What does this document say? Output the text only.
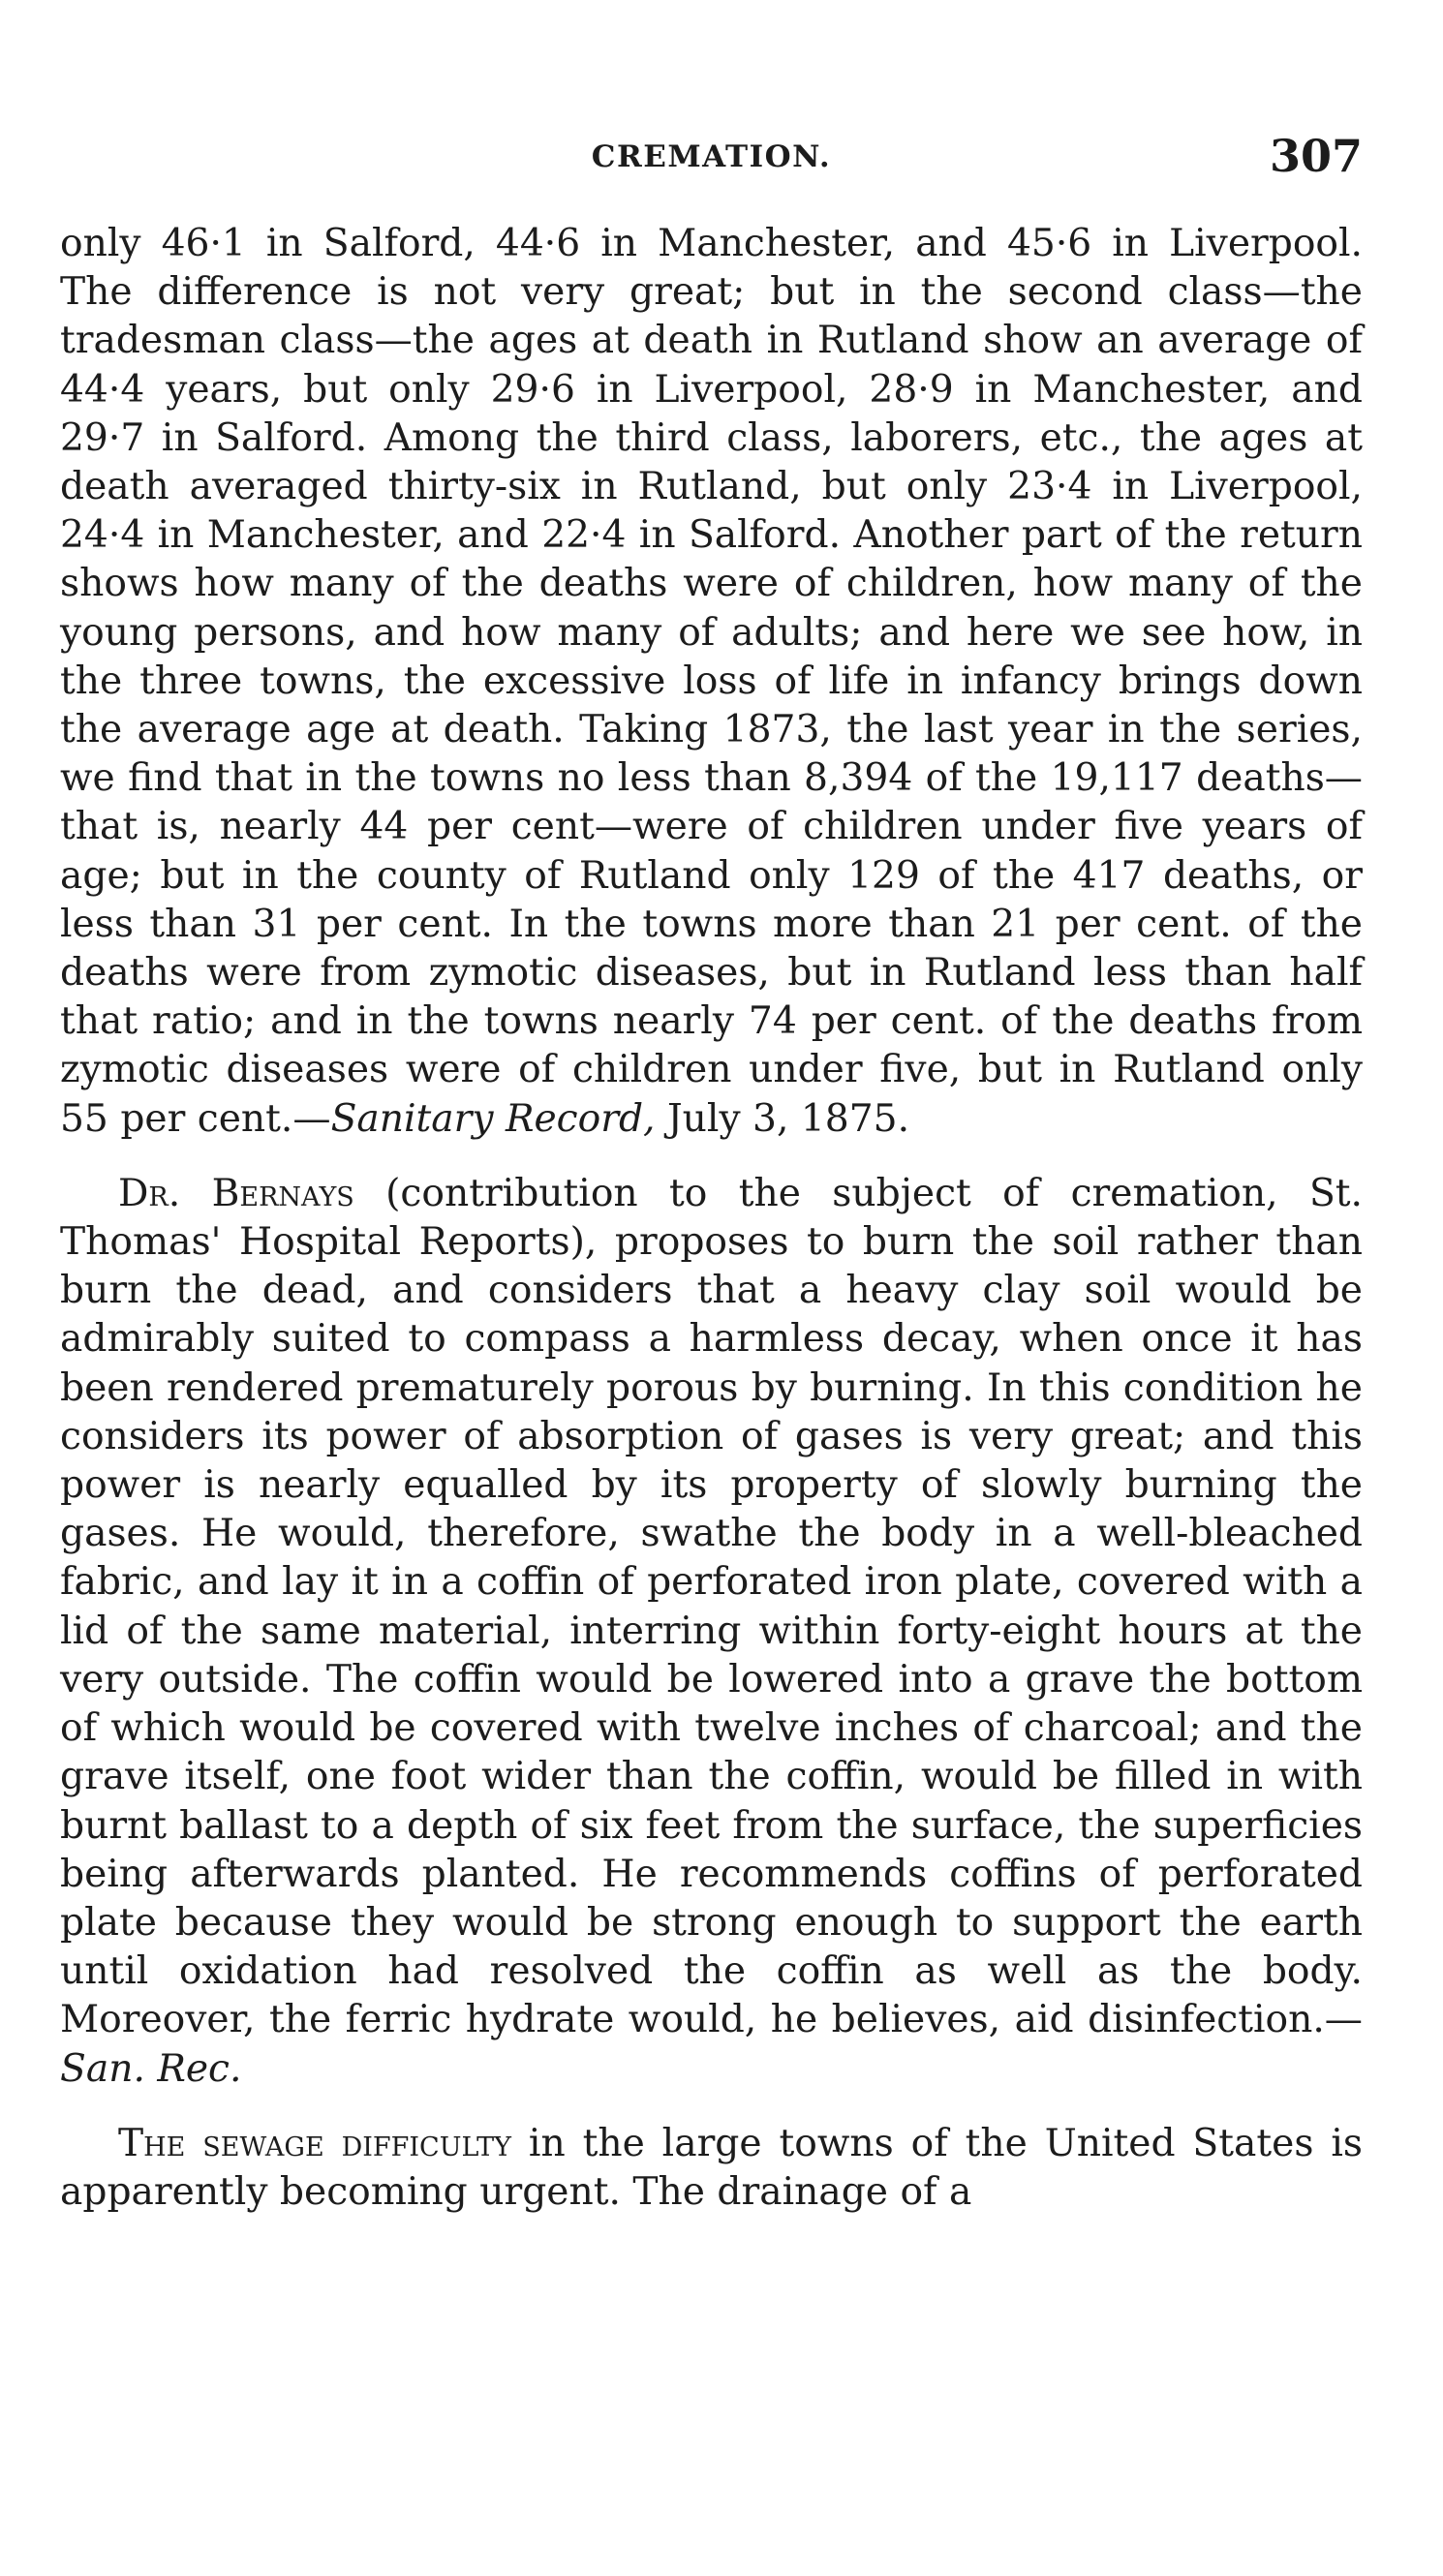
CREMATION.	307

only 46·1 in Salford, 44·6 in Manchester, and 45·6 in Liverpool. The difference is not very great; but in the second class—the tradesman class—the ages at death in Rutland show an average of 44·4 years, but only 29·6 in Liverpool, 28·9 in Manchester, and 29·7 in Salford. Among the third class, laborers, etc., the ages at death averaged thirty-six in Rutland, but only 23·4 in Liverpool, 24·4 in Manchester, and 22·4 in Salford. Another part of the return shows how many of the deaths were of children, how many of the young persons, and how many of adults; and here we see how, in the three towns, the excessive loss of life in infancy brings down the average age at death. Taking 1873, the last year in the series, we find that in the towns no less than 8,394 of the 19,117 deaths—that is, nearly 44 per cent—were of children under five years of age; but in the county of Rutland only 129 of the 417 deaths, or less than 31 per cent. In the towns more than 21 per cent. of the deaths were from zymotic diseases, but in Rutland less than half that ratio; and in the towns nearly 74 per cent. of the deaths from zymotic diseases were of children under five, but in Rutland only 55 per cent.—Sanitary Record, July 3, 1875.

Dr. Bernays (contribution to the subject of cremation, St. Thomas' Hospital Reports), proposes to burn the soil rather than burn the dead, and considers that a heavy clay soil would be admirably suited to compass a harmless decay, when once it has been rendered prematurely porous by burning. In this condition he considers its power of absorption of gases is very great; and this power is nearly equalled by its property of slowly burning the gases. He would, therefore, swathe the body in a well-bleached fabric, and lay it in a coffin of perforated iron plate, covered with a lid of the same material, interring within forty-eight hours at the very outside. The coffin would be lowered into a grave the bottom of which would be covered with twelve inches of charcoal; and the grave itself, one foot wider than the coffin, would be filled in with burnt ballast to a depth of six feet from the surface, the superficies being afterwards planted. He recommends coffins of perforated plate because they would be strong enough to support the earth until oxidation had resolved the coffin as well as the body. Moreover, the ferric hydrate would, he believes, aid disinfection.—San. Rec.

The sewage difficulty in the large towns of the United States is apparently becoming urgent. The drainage of a
